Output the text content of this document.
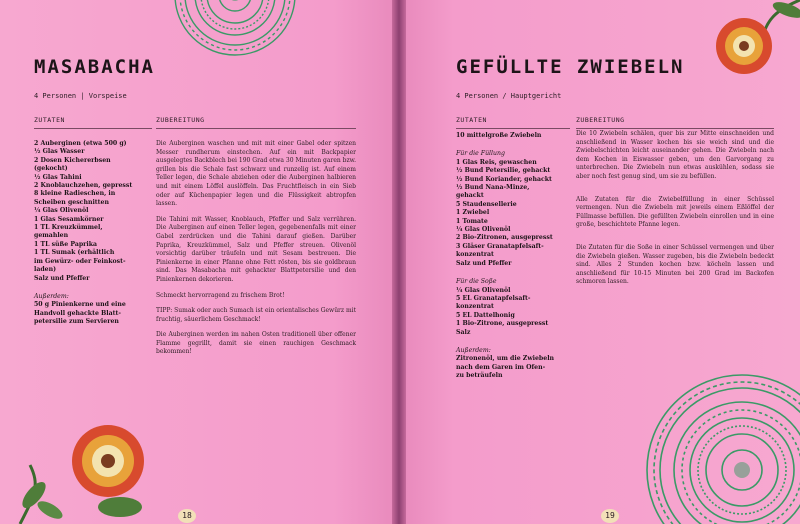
MASABACHA
4 Personen | Vorspeise
ZUTATEN	ZUBEREITUNG
2 Auberginen (etwa 500 g)
½ Glas Wasser
2 Dosen Kichererbsen
(gekocht)
½ Glas Tahini
2 Knoblauchzehen, gepresst
8 kleine Radieschen, in
Scheiben geschnitten
¼ Glas Olivenöl
1 Glas Sesamkörner
1 TL Kreuzkümmel,
gemahlen
1 TL süße Paprika
1 TL Sumak (erhältlich
im Gewürz- oder Feinkost-
laden)
Salz und Pfeffer
Außerdem:
50 g Pinienkerne und eine
Handvoll gehackte Blatt-
petersilie zum Servieren

Die Auberginen waschen und mit mit einer Gabel oder spitzen Messer rundherum einstechen. Auf ein mit Backpapier ausgelegtes Backblech bei 190 Grad etwa 30 Minuten garen bzw. grillen bis die Schale fast schwarz und runzelig ist. Auf einem Teller legen, die Schale abziehen oder die Auberginen halbieren und mit einem Löffel auslöffeln. Das Fruchtfleisch in ein Sieb oder auf Küchenpapier legen und die Flüssigkeit abtropfen lassen.

Die Tahini mit Wasser, Knoblauch, Pfeffer und Salz verrühren. Die Auberginen auf einen Teller legen, gegebenenfalls mit einer Gabel zerdrücken und die Tahini darauf gießen. Darüber Paprika, Kreuzkümmel, Salz und Pfeffer streuen. Olivenöl vorsichtig darüber träufeln und mit Sesam bestreuen. Die Pinienkerne in einer Pfanne ohne Fett rösten, bis sie goldbraun sind. Das Masabacha mit gehackter Blattpetersilie und den Pinienkernen dekorieren.

Schmeckt hervorragend zu frischem Brot!

TIPP: Sumak oder auch Sumach ist ein orientalisches Gewürz mit fruchtig, säuerlichem Geschmack!

Die Auberginen werden im nahen Osten traditionell über offener Flamme gegrillt, damit sie einen rauchigen Geschmack bekommen!

18
GEFÜLLTE ZWIEBELN
4 Personen / Hauptgericht
ZUTATEN	ZUBEREITUNG
10 mittelgroße Zwiebeln
Für die Füllung
1 Glas Reis, gewaschen
½ Bund Petersilie, gehackt
½ Bund Koriander, gehackt
½ Bund Nana-Minze,
gehackt
5 Staudensellerie
1 Zwiebel
1 Tomate
¼ Glas Olivenöl
2 Bio-Zitronen, ausgepresst
3 Gläser Granatapfelsaft-
konzentrat
Salz und Pfeffer
Für die Soße
¼ Glas Olivenöl
5 EL Granatapfelsaft-
konzentrat
5 EL Dattelhonig
1 Bio-Zitrone, ausgepresst
Salz
Außerdem:
Zitronenöl, um die Zwiebeln
nach dem Garen im Ofen-
zu beträufeln

Die 10 Zwiebeln schälen, quer bis zur Mitte einschneiden und anschließend in Wasser kochen bis sie weich sind und die Zwiebelschichten leicht auseinander gehen. Die Zwiebeln nach dem Kochen in Eiswasser geben, um den Garvorgang zu unterbrechen. Die Zwiebeln nun etwas auskühlen, sodass sie aber noch fest genug sind, um sie zu befüllen.

Alle Zutaten für die Zwiebelfüllung in einer Schüssel vermengen. Nun die Zwiebeln mit jeweils einem Eßlöffel der Füllmasse befüllen. Die gefüllten Zwiebeln einrollen und in eine große, beschichtete Pfanne legen.

Die Zutaten für die Soße in einer Schüssel vermengen und über die Zwiebeln gießen. Wasser zugeben, bis die Zwiebeln bedeckt sind. Alles 2 Stunden kochen bzw. köcheln lassen und anschließend für 10-15 Minuten bei 200 Grad im Backofen schmoren lassen.

19
